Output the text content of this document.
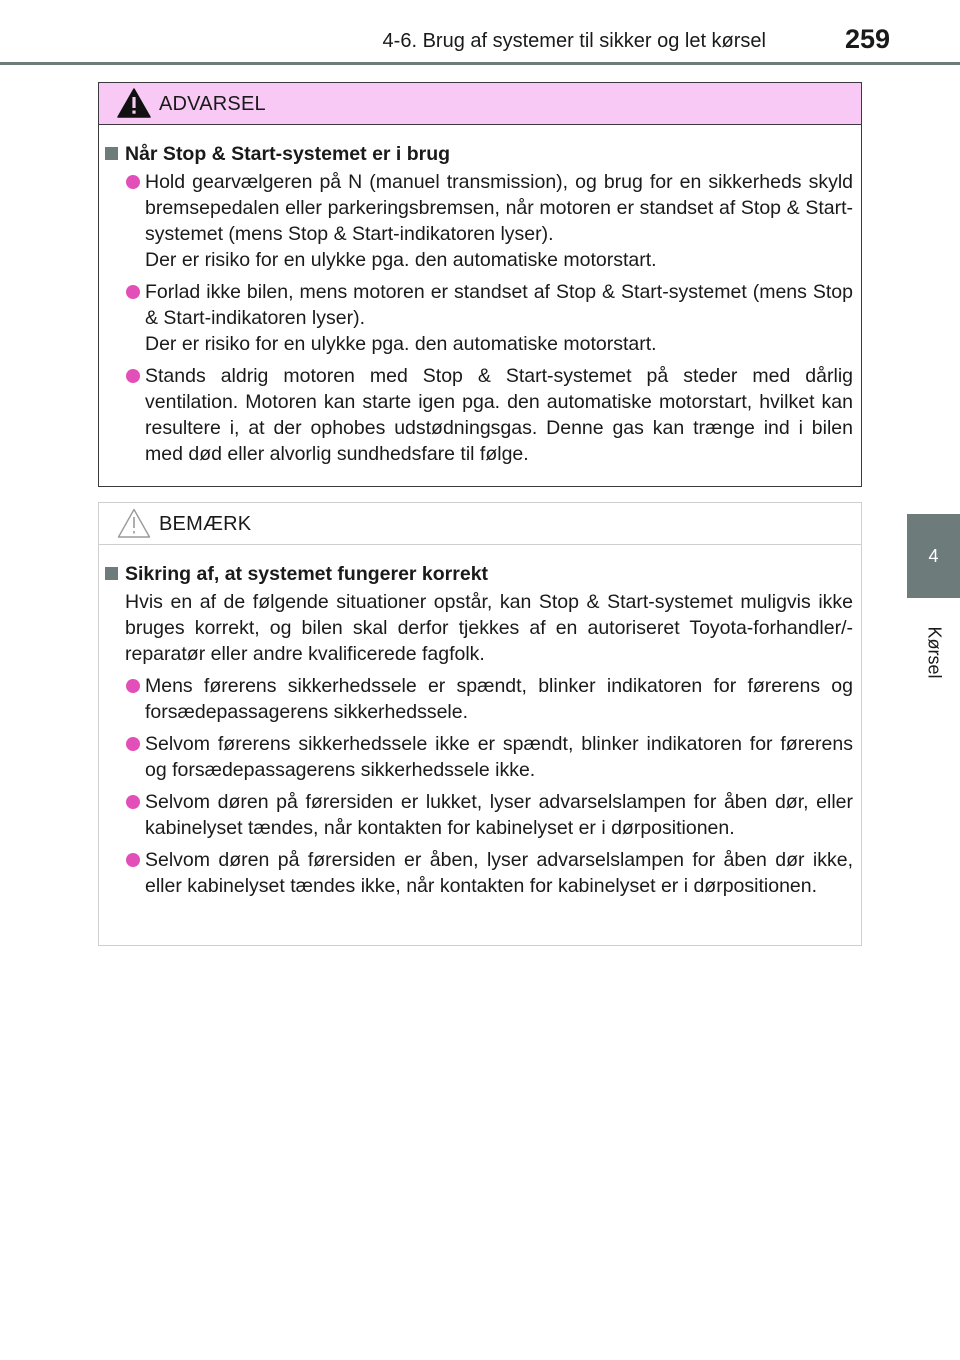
4-6. Brug af systemer til sikker og let kørsel	259
4
Kørsel
ADVARSEL
Når Stop & Start-systemet er i brug
Hold gearvælgeren på N (manuel transmission), og brug for en sikkerheds skyld bremsepedalen eller parkeringsbremsen, når motoren er standset af Stop & Start-systemet (mens Stop & Start-indikatoren lyser).
Der er risiko for en ulykke pga. den automatiske motorstart.
Forlad ikke bilen, mens motoren er standset af Stop & Start-systemet (mens Stop & Start-indikatoren lyser).
Der er risiko for en ulykke pga. den automatiske motorstart.
Stands aldrig motoren med Stop & Start-systemet på steder med dårlig ventilation. Motoren kan starte igen pga. den automatiske motorstart, hvilket kan resultere i, at der ophobes udstødningsgas. Denne gas kan trænge ind i bilen med død eller alvorlig sundhedsfare til følge.
BEMÆRK
Sikring af, at systemet fungerer korrekt
Hvis en af de følgende situationer opstår, kan Stop & Start-systemet muligvis ikke bruges korrekt, og bilen skal derfor tjekkes af en autoriseret Toyota-forhandler/-reparatør eller andre kvalificerede fagfolk.
Mens førerens sikkerhedssele er spændt, blinker indikatoren for førerens og forsædepassagerens sikkerhedssele.
Selvom førerens sikkerhedssele ikke er spændt, blinker indikatoren for førerens og forsædepassagerens sikkerhedssele ikke.
Selvom døren på førersiden er lukket, lyser advarselslampen for åben dør, eller kabinelyset tændes, når kontakten for kabinelyset er i dørpositionen.
Selvom døren på førersiden er åben, lyser advarselslampen for åben dør ikke, eller kabinelyset tændes ikke, når kontakten for kabinelyset er i dørpositionen.
